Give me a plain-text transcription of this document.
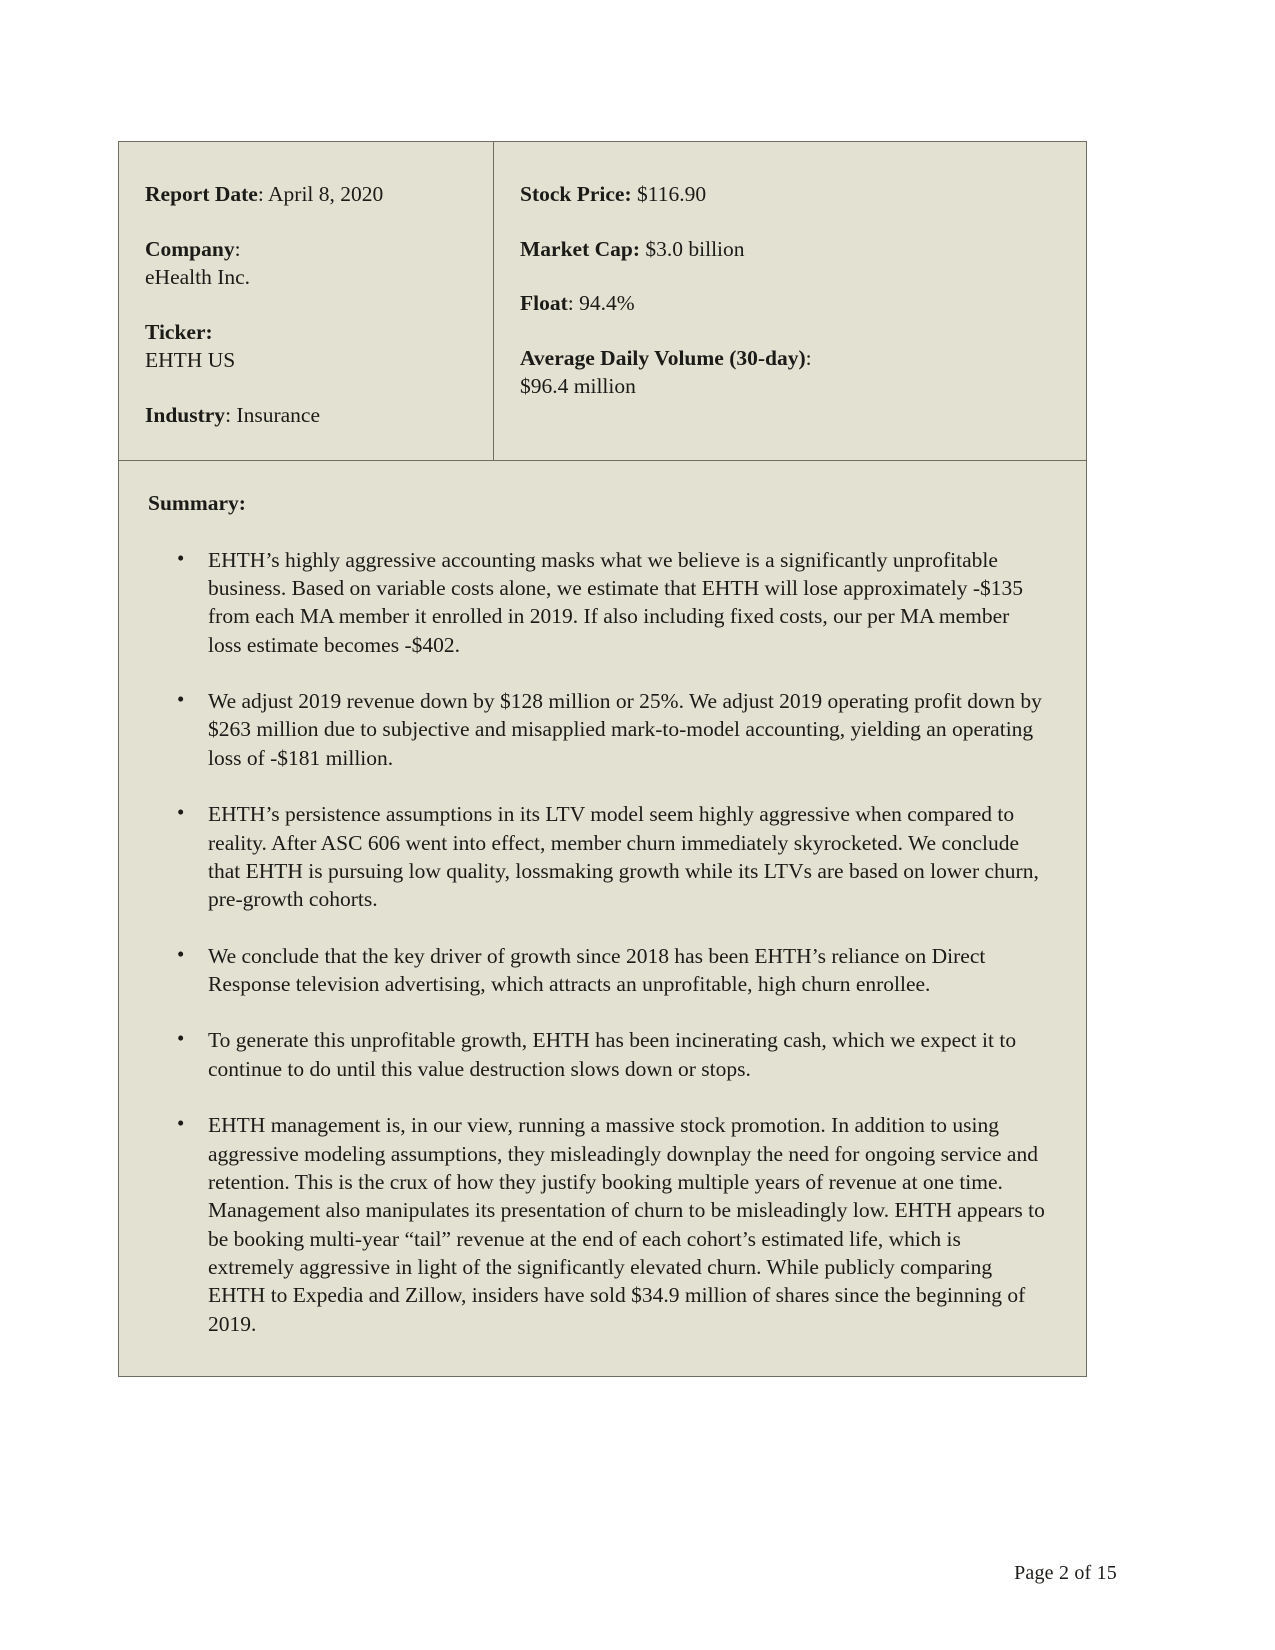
Report Date: April 8, 2020

Company:
eHealth Inc.

Ticker:
EHTH US

Industry: Insurance

Stock Price: $116.90

Market Cap: $3.0 billion

Float: 94.4%

Average Daily Volume (30-day):
$96.4 million

Summary:
• EHTH’s highly aggressive accounting masks what we believe is a significantly unprofitable business. Based on variable costs alone, we estimate that EHTH will lose approximately -$135 from each MA member it enrolled in 2019. If also including fixed costs, our per MA member loss estimate becomes -$402.
• We adjust 2019 revenue down by $128 million or 25%. We adjust 2019 operating profit down by $263 million due to subjective and misapplied mark-to-model accounting, yielding an operating loss of -$181 million.
• EHTH’s persistence assumptions in its LTV model seem highly aggressive when compared to reality. After ASC 606 went into effect, member churn immediately skyrocketed. We conclude that EHTH is pursuing low quality, lossmaking growth while its LTVs are based on lower churn, pre-growth cohorts.
• We conclude that the key driver of growth since 2018 has been EHTH’s reliance on Direct Response television advertising, which attracts an unprofitable, high churn enrollee.
• To generate this unprofitable growth, EHTH has been incinerating cash, which we expect it to continue to do until this value destruction slows down or stops.
• EHTH management is, in our view, running a massive stock promotion. In addition to using aggressive modeling assumptions, they misleadingly downplay the need for ongoing service and retention. This is the crux of how they justify booking multiple years of revenue at one time. Management also manipulates its presentation of churn to be misleadingly low. EHTH appears to be booking multi-year “tail” revenue at the end of each cohort’s estimated life, which is extremely aggressive in light of the significantly elevated churn. While publicly comparing EHTH to Expedia and Zillow, insiders have sold $34.9 million of shares since the beginning of 2019.
Page 2 of 15
